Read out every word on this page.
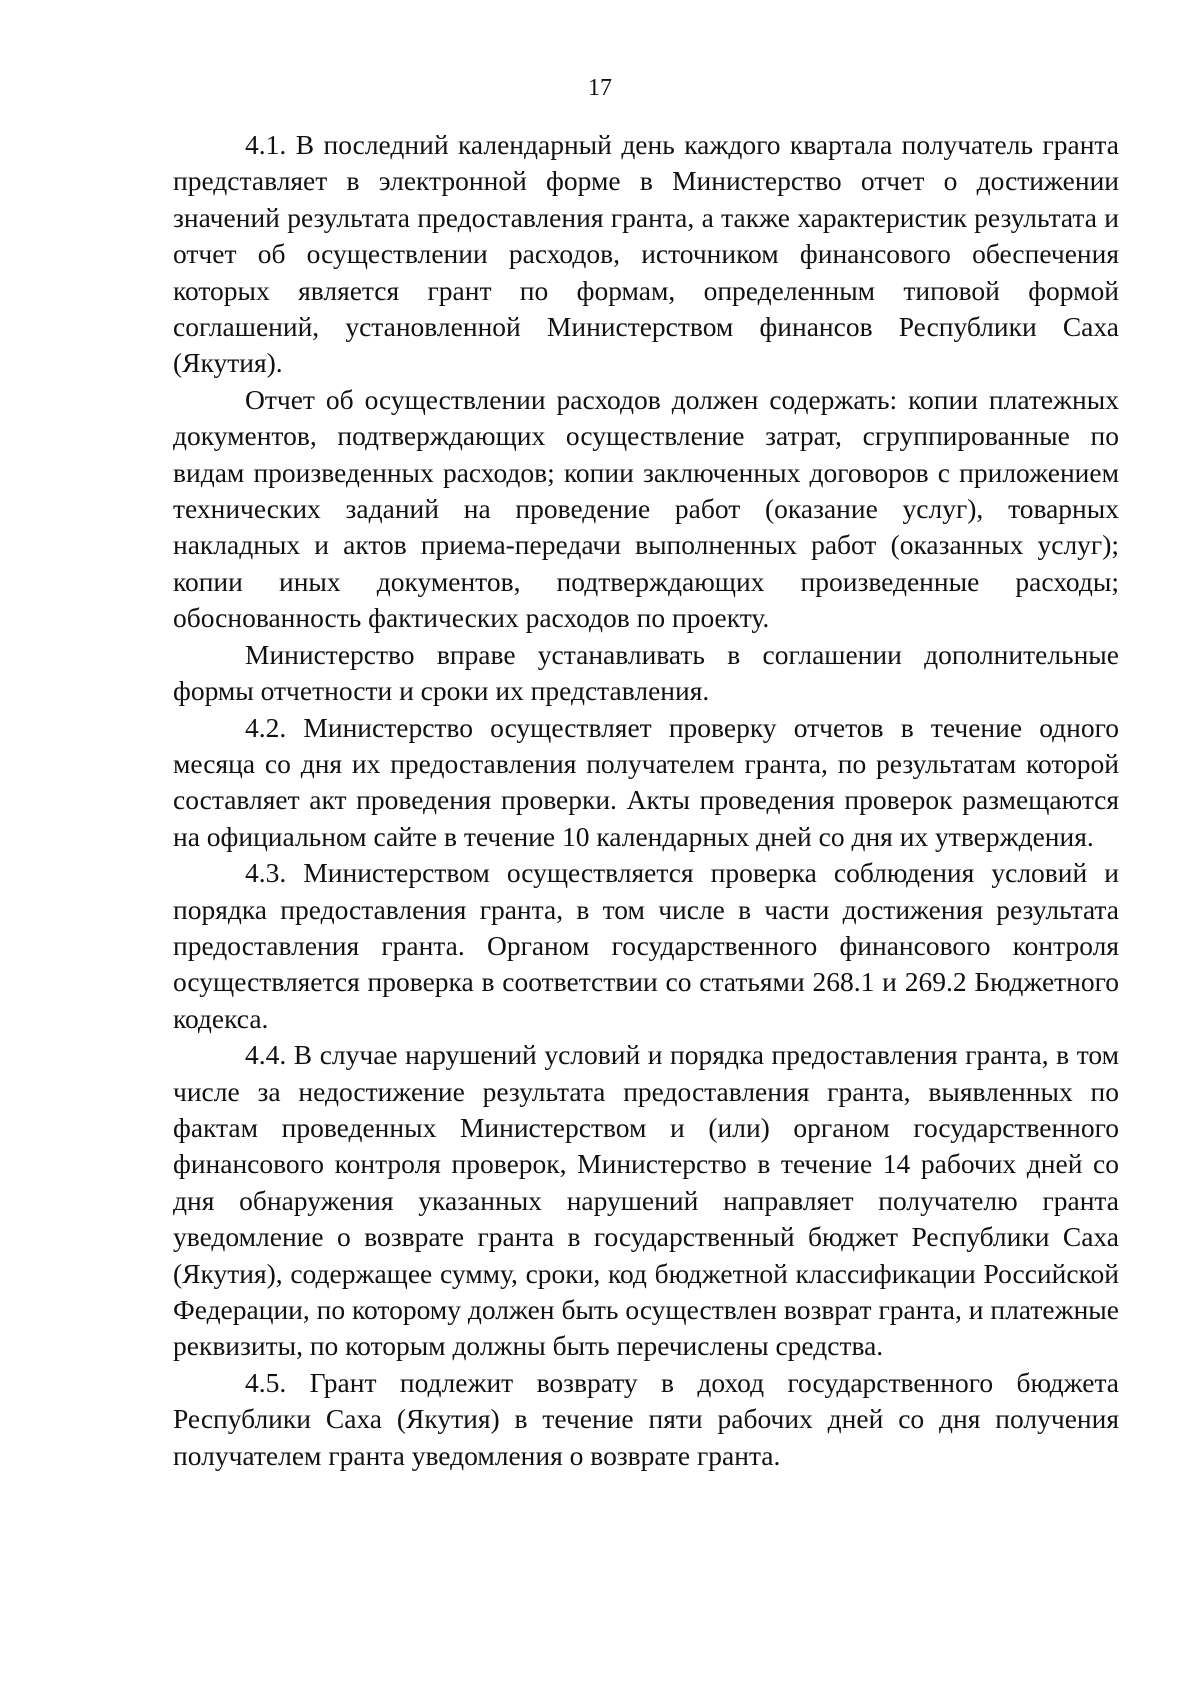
17

4.1. В последний календарный день каждого квартала получатель гранта представляет в электронной форме в Министерство отчет о достижении значений результата предоставления гранта, а также характеристик результата и отчет об осуществлении расходов, источником финансового обеспечения которых является грант по формам, определенным типовой формой соглашений, установленной Министерством финансов Республики Саха (Якутия).

Отчет об осуществлении расходов должен содержать: копии платежных документов, подтверждающих осуществление затрат, сгруппированные по видам произведенных расходов; копии заключенных договоров с приложением технических заданий на проведение работ (оказание услуг), товарных накладных и актов приема-передачи выполненных работ (оказанных услуг); копии иных документов, подтверждающих произведенные расходы; обоснованность фактических расходов по проекту.

Министерство вправе устанавливать в соглашении дополнительные формы отчетности и сроки их представления.

4.2. Министерство осуществляет проверку отчетов в течение одного месяца со дня их предоставления получателем гранта, по результатам которой составляет акт проведения проверки. Акты проведения проверок размещаются на официальном сайте в течение 10 календарных дней со дня их утверждения.

4.3. Министерством осуществляется проверка соблюдения условий и порядка предоставления гранта, в том числе в части достижения результата предоставления гранта. Органом государственного финансового контроля осуществляется проверка в соответствии со статьями 268.1 и 269.2 Бюджетного кодекса.

4.4. В случае нарушений условий и порядка предоставления гранта, в том числе за недостижение результата предоставления гранта, выявленных по фактам проведенных Министерством и (или) органом государственного финансового контроля проверок, Министерство в течение 14 рабочих дней со дня обнаружения указанных нарушений направляет получателю гранта уведомление о возврате гранта в государственный бюджет Республики Саха (Якутия), содержащее сумму, сроки, код бюджетной классификации Российской Федерации, по которому должен быть осуществлен возврат гранта, и платежные реквизиты, по которым должны быть перечислены средства.

4.5. Грант подлежит возврату в доход государственного бюджета Республики Саха (Якутия) в течение пяти рабочих дней со дня получения получателем гранта уведомления о возврате гранта.
